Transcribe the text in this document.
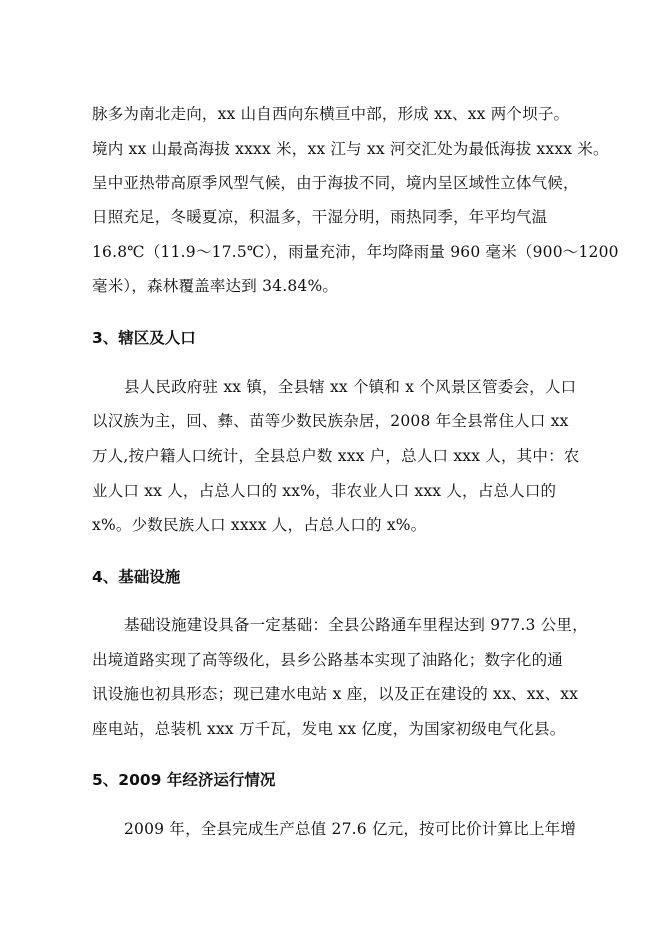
脉多为南北走向，xx 山自西向东横亘中部，形成 xx、xx 两个坝子。
境内 xx 山最高海拔 xxxx 米，xx 江与 xx 河交汇处为最低海拔 xxxx 米。
呈中亚热带高原季风型气候，由于海拔不同，境内呈区域性立体气候，
日照充足，冬暖夏凉，积温多，干湿分明，雨热同季，年平均气温
16.8℃（11.9～17.5℃），雨量充沛，年均降雨量 960 毫米（900～1200
毫米），森林覆盖率达到 34.84%。
3、辖区及人口
县人民政府驻 xx 镇，全县辖 xx 个镇和 x 个风景区管委会，人口
以汉族为主，回、彝、苗等少数民族杂居，2008 年全县常住人口 xx
万人,按户籍人口统计，全县总户数 xxx 户，总人口 xxx 人，其中：农
业人口 xx 人，占总人口的 xx%，非农业人口 xxx 人，占总人口的
x%。少数民族人口 xxxx 人，占总人口的 x%。
4、基础设施
基础设施建设具备一定基础：全县公路通车里程达到 977.3 公里，
出境道路实现了高等级化，县乡公路基本实现了油路化；数字化的通
讯设施也初具形态；现已建水电站 x 座，以及正在建设的 xx、xx、xx
座电站，总装机 xxx 万千瓦，发电 xx 亿度，为国家初级电气化县。
5、2009 年经济运行情况
2009 年，全县完成生产总值 27.6 亿元，按可比价计算比上年增
